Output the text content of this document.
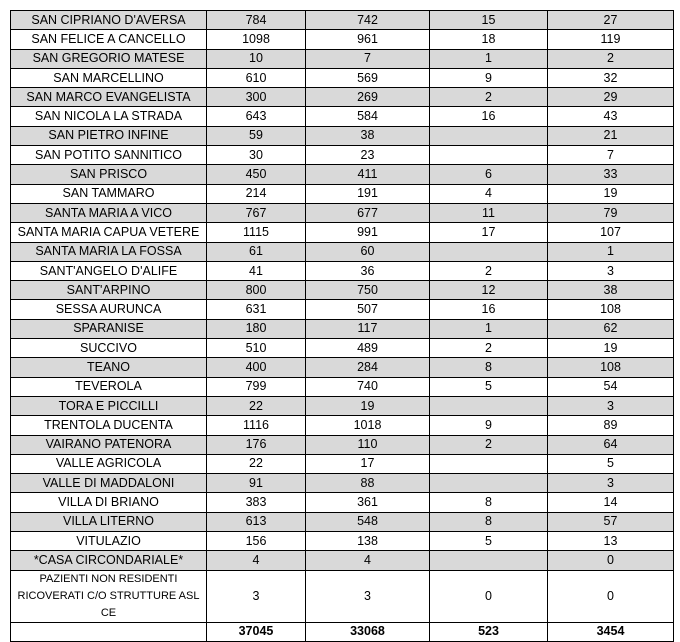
SAN CIPRIANO D'AVERSA	784	742	15	27
SAN FELICE A CANCELLO	1098	961	18	119
SAN GREGORIO MATESE	10	7	1	2
SAN MARCELLINO	610	569	9	32
SAN MARCO EVANGELISTA	300	269	2	29
SAN NICOLA LA STRADA	643	584	16	43
SAN PIETRO INFINE	59	38		21
SAN POTITO SANNITICO	30	23		7
SAN PRISCO	450	411	6	33
SAN TAMMARO	214	191	4	19
SANTA MARIA A VICO	767	677	11	79
SANTA MARIA CAPUA VETERE	1115	991	17	107
SANTA MARIA LA FOSSA	61	60		1
SANT'ANGELO D'ALIFE	41	36	2	3
SANT'ARPINO	800	750	12	38
SESSA AURUNCA	631	507	16	108
SPARANISE	180	117	1	62
SUCCIVO	510	489	2	19
TEANO	400	284	8	108
TEVEROLA	799	740	5	54
TORA E PICCILLI	22	19		3
TRENTOLA DUCENTA	1116	1018	9	89
VAIRANO PATENORA	176	110	2	64
VALLE AGRICOLA	22	17		5
VALLE DI MADDALONI	91	88		3
VILLA DI BRIANO	383	361	8	14
VILLA LITERNO	613	548	8	57
VITULAZIO	156	138	5	13
*CASA CIRCONDARIALE*	4	4		0
PAZIENTI NON RESIDENTI RICOVERATI C/O STRUTTURE ASL CE	3	3	0	0
	37045	33068	523	3454
